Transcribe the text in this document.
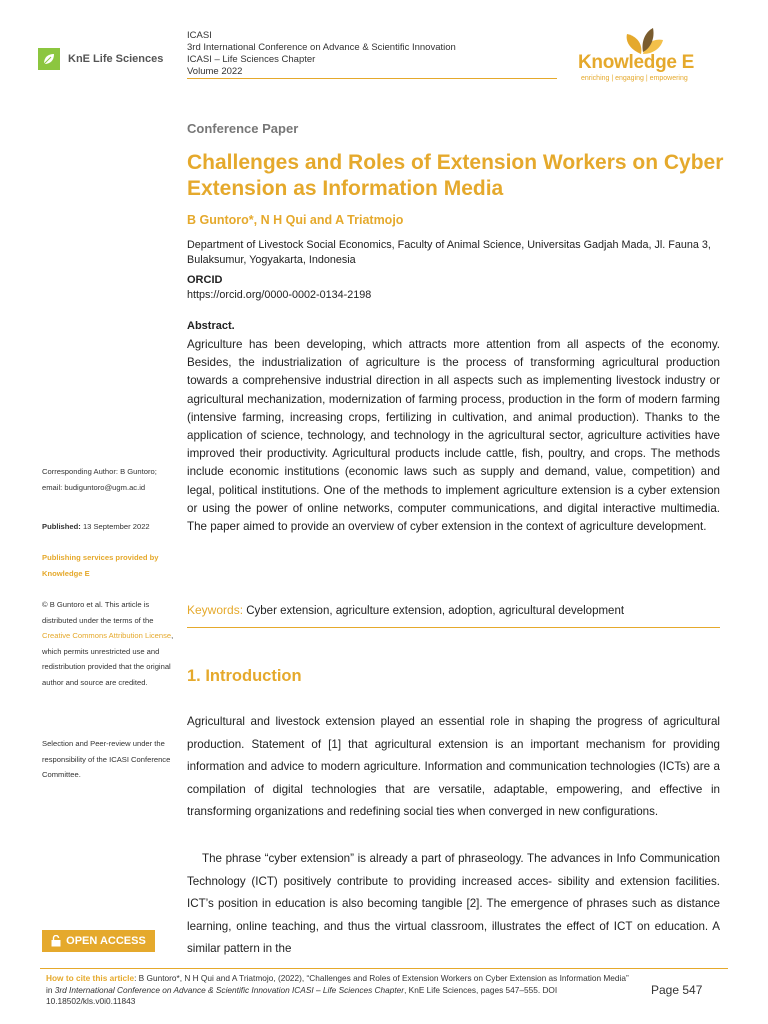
KnE Life Sciences
ICASI
3rd International Conference on Advance & Scientific Innovation
ICASI – Life Sciences Chapter
Volume 2022	Knowledge E
enriching | engaging | empowering
Conference Paper
Challenges and Roles of Extension Workers on Cyber Extension as Information Media
B Guntoro*, N H Qui and A Triatmojo
Department of Livestock Social Economics, Faculty of Animal Science, Universitas Gadjah Mada, Jl. Fauna 3, Bulaksumur, Yogyakarta, Indonesia
ORCID
https://orcid.org/0000-0002-0134-2198
Abstract.

Agriculture has been developing, which attracts more attention from all aspects of the economy. Besides, the industrialization of agriculture is the process of transforming agricultural production towards a comprehensive industrial direction in all aspects such as implementing livestock industry or agricultural mechanization, modernization of farming process, production in the form of modern farming (intensive farming, increasing crops, fertilizing in cultivation, and animal production). Thanks to the application of science, technology, and technology in the agricultural sector, agriculture activities have improved their productivity. Agricultural products include cattle, fish, poultry, and crops. The methods include economic institutions (economic laws such as supply and demand, value, competition) and legal, political institutions. One of the methods to implement agriculture extension is a cyber extension or using the power of online networks, computer communications, and digital interactive multimedia. The paper aimed to provide an overview of cyber extension in the context of agriculture development.

Keywords: Cyber extension, agriculture extension, adoption, agricultural development
1. Introduction

Agricultural and livestock extension played an essential role in shaping the progress of agricultural production. Statement of [1] that agricultural extension is an important mechanism for providing information and advice to modern agriculture. Information and communication technologies (ICTs) are a compilation of digital technologies that are versatile, adaptable, empowering, and effective in transforming organizations and redefining social ties when converged in new configurations.

The phrase “cyber extension” is already a part of phraseology. The advances in Info Communication Technology (ICT) positively contribute to providing increased acces- sibility and extension facilities. ICT’s position in education is also becoming tangible [2]. The emergence of phrases such as distance learning, online teaching, and thus the virtual classroom, illustrates the effect of ICT on education. A similar pattern in the

Corresponding Author: B Guntoro; email: budiguntoro@ugm.ac.id

Published: 13 September 2022

Publishing services provided by Knowledge E

© B Guntoro et al. This article is distributed under the terms of the Creative Commons Attribution License, which permits unrestricted use and redistribution provided that the original author and source are credited.

Selection and Peer-review under the responsibility of the ICASI Conference Committee.

OPEN ACCESS

How to cite this article: B Guntoro*, N H Qui and A Triatmojo, (2022), “Challenges and Roles of Extension Workers on Cyber Extension as Information Media” in 3rd International Conference on Advance & Scientific Innovation ICASI – Life Sciences Chapter, KnE Life Sciences, pages 547–555. DOI 10.18502/kls.v0i0.11843

Page 547
